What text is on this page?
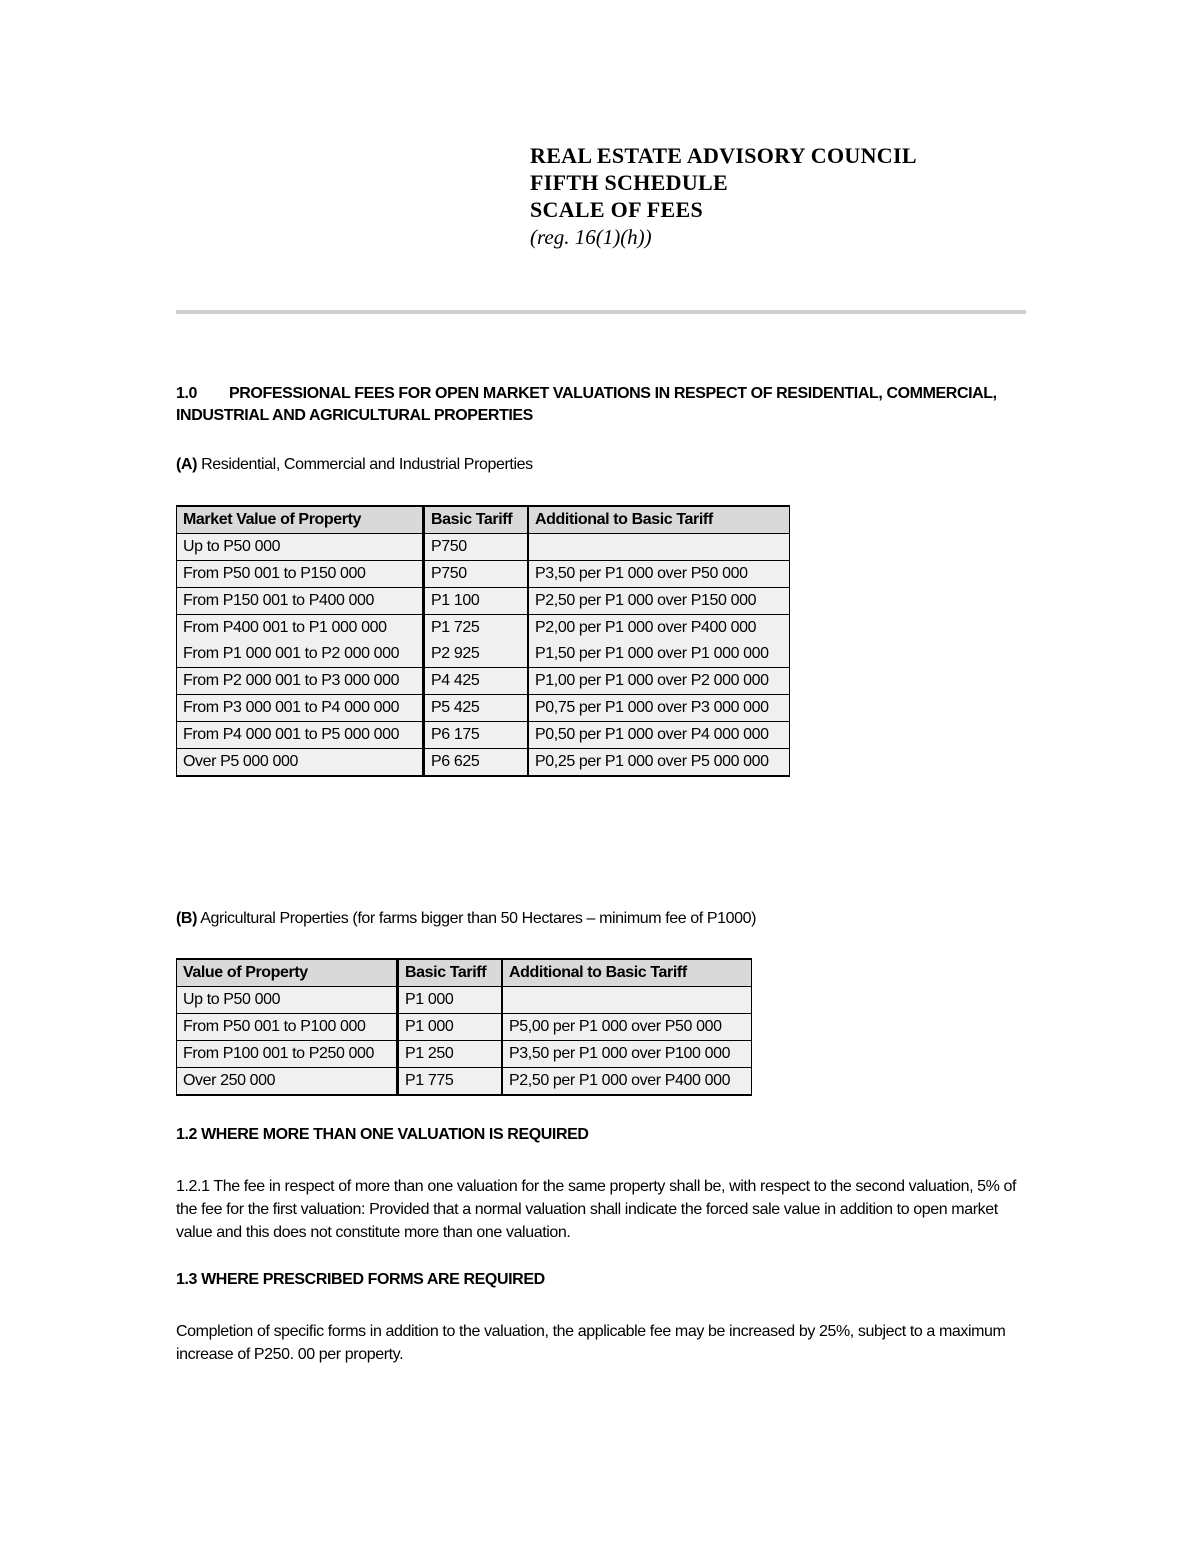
REAL ESTATE ADVISORY COUNCIL
FIFTH SCHEDULE
SCALE OF FEES
(reg. 16(1)(h))
1.0 PROFESSIONAL FEES FOR OPEN MARKET VALUATIONS IN RESPECT OF RESIDENTIAL, COMMERCIAL, INDUSTRIAL AND AGRICULTURAL PROPERTIES
(A) Residential, Commercial and Industrial Properties
Market Value of Property	Basic Tariff	Additional to Basic Tariff
Up to P50 000	P750	
From P50 001 to P150 000	P750	P3,50 per P1 000 over P50 000
From P150 001 to P400 000	P1 100	P2,50 per P1 000 over P150 000
From P400 001 to P1 000 000	P1 725	P2,00 per P1 000 over P400 000
From P1 000 001 to P2 000 000	P2 925	P1,50 per P1 000 over P1 000 000
From P2 000 001 to P3 000 000	P4 425	P1,00 per P1 000 over P2 000 000
From P3 000 001 to P4 000 000	P5 425	P0,75 per P1 000 over P3 000 000
From P4 000 001 to P5 000 000	P6 175	P0,50 per P1 000 over P4 000 000
Over P5 000 000	P6 625	P0,25 per P1 000 over P5 000 000
(B) Agricultural Properties (for farms bigger than 50 Hectares – minimum fee of P1000)
Value of Property	Basic Tariff	Additional to Basic Tariff
Up to P50 000	P1 000	
From P50 001 to P100 000	P1 000	P5,00 per P1 000 over P50 000
From P100 001 to P250 000	P1 250	P3,50 per P1 000 over P100 000
Over 250 000	P1 775	P2,50 per P1 000 over P400 000
1.2 WHERE MORE THAN ONE VALUATION IS REQUIRED
1.2.1 The fee in respect of more than one valuation for the same property shall be, with respect to the second valuation, 5% of the fee for the first valuation: Provided that a normal valuation shall indicate the forced sale value in addition to open market value and this does not constitute more than one valuation.
1.3 WHERE PRESCRIBED FORMS ARE REQUIRED
Completion of specific forms in addition to the valuation, the applicable fee may be increased by 25%, subject to a maximum increase of P250. 00 per property.
